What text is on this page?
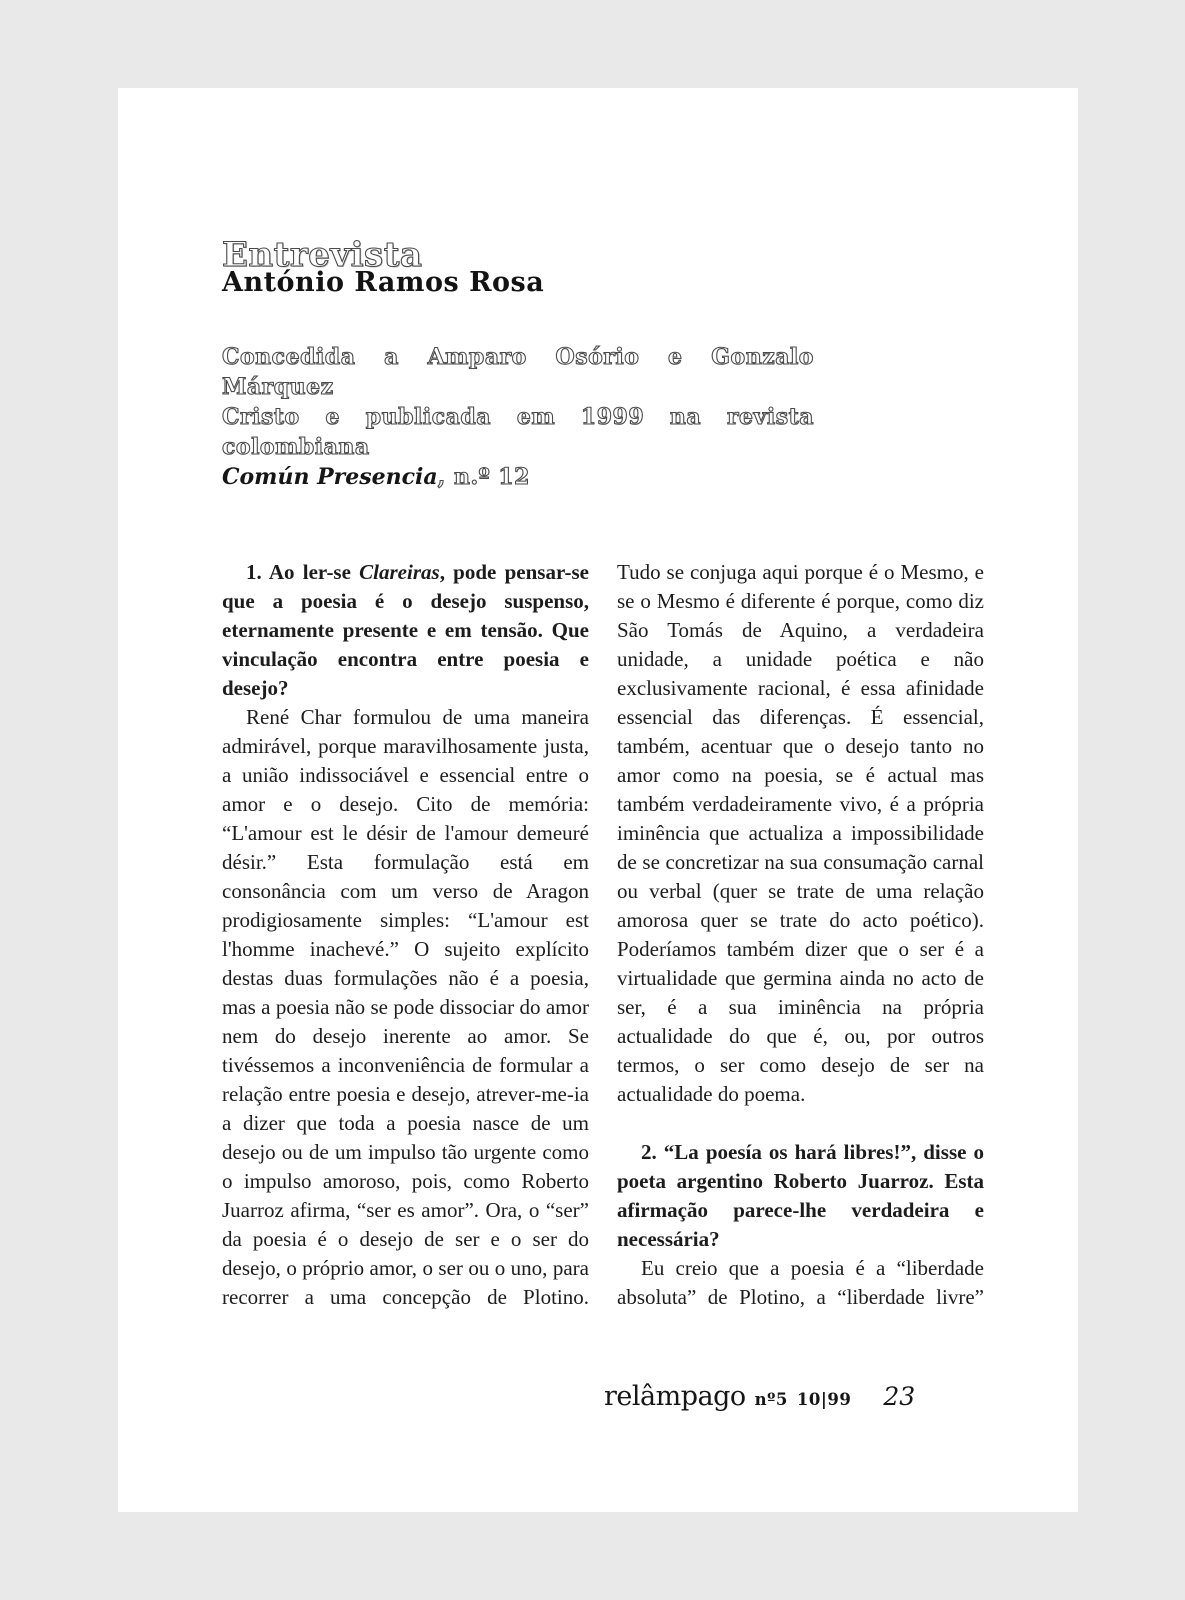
Entrevista
António Ramos Rosa
Concedida a Amparo Osório e Gonzalo Márquez
Cristo e publicada em 1999 na revista colombiana
Común Presencia, n.º 12

1. Ao ler-se Clareiras, pode pensar-se que a poesia é o desejo suspenso, eternamente presente e em tensão. Que vinculação encontra entre poesia e desejo?

René Char formulou de uma maneira admirável, porque maravilhosamente justa, a união indissociável e essencial entre o amor e o desejo. Cito de memória: “L'amour est le désir de l'amour demeuré désir.” Esta formulação está em consonância com um verso de Aragon prodigiosamente simples: “L'amour est l'homme inachevé.” O sujeito explícito destas duas formulações não é a poesia, mas a poesia não se pode dissociar do amor nem do desejo inerente ao amor. Se tivéssemos a inconveniência de formular a relação entre poesia e desejo, atrever-me-ia a dizer que toda a poesia nasce de um desejo ou de um impulso tão urgente como o impulso amoroso, pois, como Roberto Juarroz afirma, “ser es amor”. Ora, o “ser” da poesia é o desejo de ser e o ser do desejo, o próprio amor, o ser ou o uno, para recorrer a uma concepção de Plotino.

Tudo se conjuga aqui porque é o Mesmo, e se o Mesmo é diferente é porque, como diz São Tomás de Aquino, a verdadeira unidade, a unidade poética e não exclusivamente racional, é essa afinidade essencial das diferenças. É essencial, também, acentuar que o desejo tanto no amor como na poesia, se é actual mas também verdadeiramente vivo, é a própria iminência que actualiza a impossibilidade de se concretizar na sua consumação carnal ou verbal (quer se trate de uma relação amorosa quer se trate do acto poético). Poderíamos também dizer que o ser é a virtualidade que germina ainda no acto de ser, é a sua iminência na própria actualidade do que é, ou, por outros termos, o ser como desejo de ser na actualidade do poema.

2. “La poesía os hará libres!”, disse o poeta argentino Roberto Juarroz. Esta afirmação parece-lhe verdadeira e necessária?

Eu creio que a poesia é a “liberdade absoluta” de Plotino, a “liberdade livre”

relâmpago nº5 10|99 23
